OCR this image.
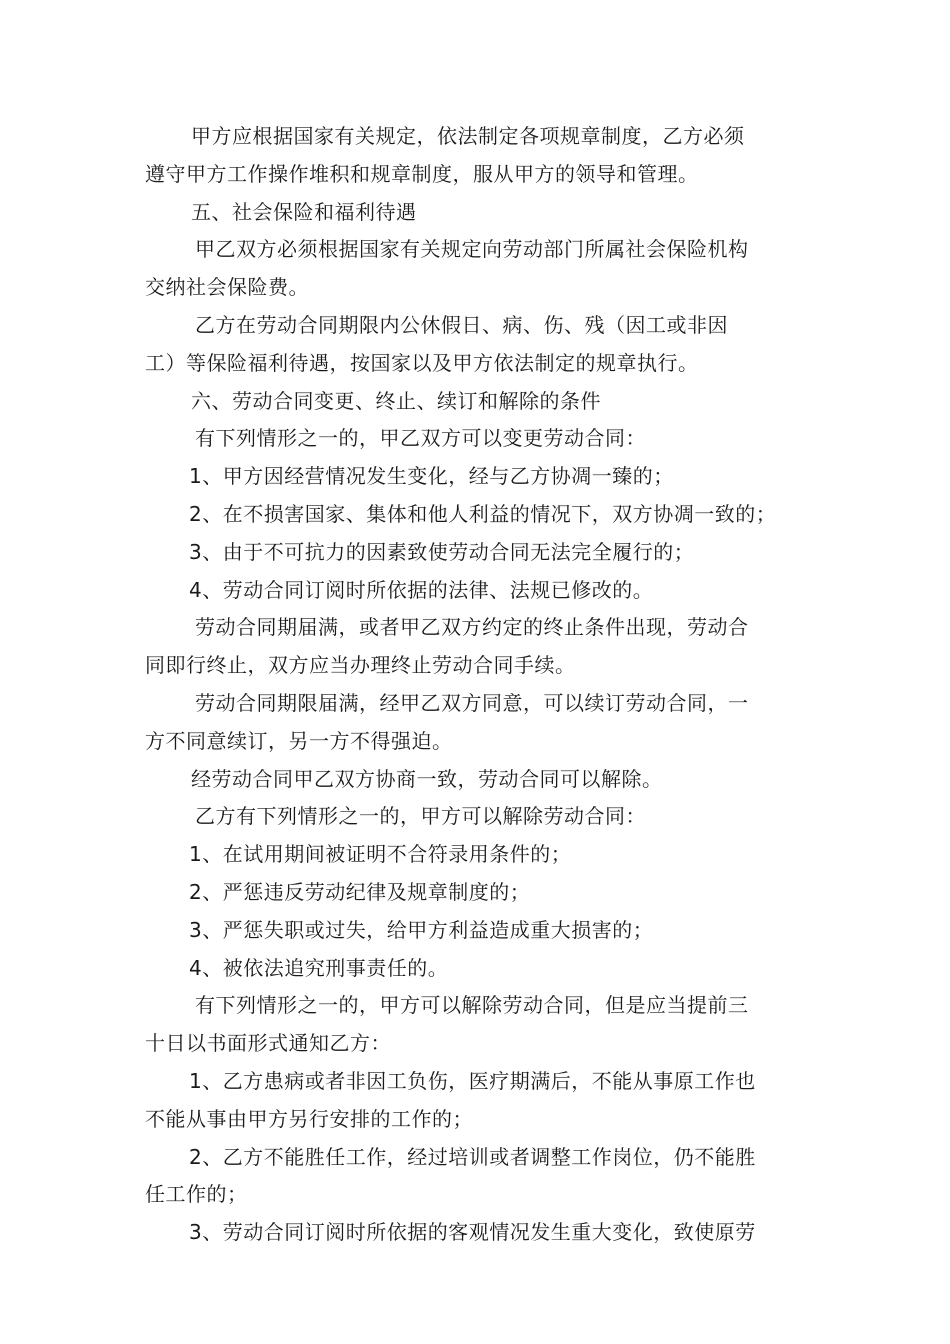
甲方应根据国家有关规定，依法制定各项规章制度，乙方必须

遵守甲方工作操作堆积和规章制度，服从甲方的领导和管理。

五、社会保险和福利待遇

甲乙双方必须根据国家有关规定向劳动部门所属社会保险机构

交纳社会保险费。

乙方在劳动合同期限内公休假日、病、伤、残（因工或非因

工）等保险福利待遇，按国家以及甲方依法制定的规章执行。

六、劳动合同变更、终止、续订和解除的条件

有下列情形之一的，甲乙双方可以变更劳动合同：

1、甲方因经营情况发生变化，经与乙方协凋一臻的；

2、在不损害国家、集体和他人利益的情况下，双方协凋一致的；

3、由于不可抗力的因素致使劳动合同无法完全履行的；

4、劳动合同订阅时所依据的法律、法规已修改的。

劳动合同期届满，或者甲乙双方约定的终止条件出现，劳动合

同即行终止，双方应当办理终止劳动合同手续。

劳动合同期限届满，经甲乙双方同意，可以续订劳动合同，一

方不同意续订，另一方不得强迫。

经劳动合同甲乙双方协商一致，劳动合同可以解除。

乙方有下列情形之一的，甲方可以解除劳动合同：

1、在试用期间被证明不合符录用条件的；

2、严惩违反劳动纪律及规章制度的；

3、严惩失职或过失，给甲方利益造成重大损害的；

4、被依法追究刑事责任的。

有下列情形之一的，甲方可以解除劳动合同，但是应当提前三

十日以书面形式通知乙方：

1、乙方患病或者非因工负伤，医疗期满后，不能从事原工作也

不能从事由甲方另行安排的工作的；

2、乙方不能胜任工作，经过培训或者调整工作岗位，仍不能胜

任工作的；

3、劳动合同订阅时所依据的客观情况发生重大变化，致使原劳
